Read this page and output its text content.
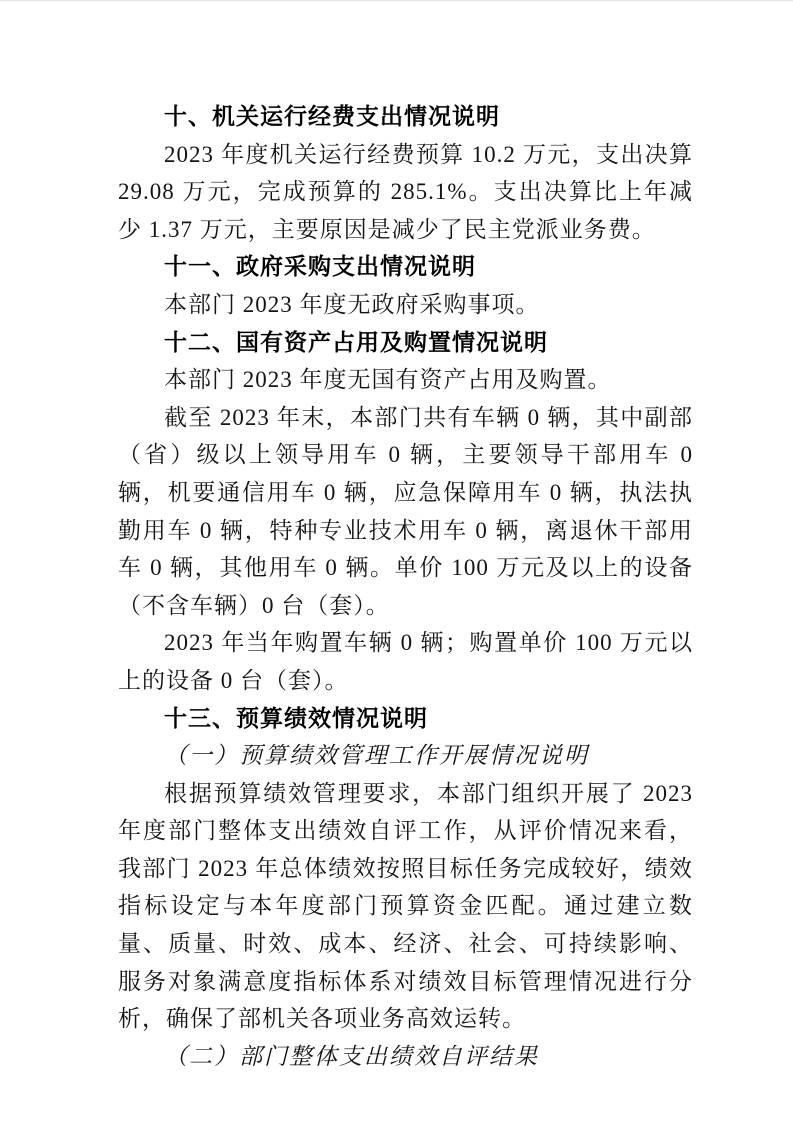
十、机关运行经费支出情况说明
2023 年度机关运行经费预算 10.2 万元，支出决算 29.08 万元，完成预算的 285.1%。支出决算比上年减少 1.37 万元，主要原因是减少了民主党派业务费。
十一、政府采购支出情况说明
本部门 2023 年度无政府采购事项。
十二、国有资产占用及购置情况说明
本部门 2023 年度无国有资产占用及购置。
截至 2023 年末，本部门共有车辆 0 辆，其中副部（省）级以上领导用车 0 辆，主要领导干部用车 0 辆，机要通信用车 0 辆，应急保障用车 0 辆，执法执勤用车 0 辆，特种专业技术用车 0 辆，离退休干部用车 0 辆，其他用车 0 辆。单价 100 万元及以上的设备（不含车辆）0 台（套）。
2023 年当年购置车辆 0 辆；购置单价 100 万元以上的设备 0 台（套）。
十三、预算绩效情况说明
（一）预算绩效管理工作开展情况说明
根据预算绩效管理要求，本部门组织开展了 2023 年度部门整体支出绩效自评工作，从评价情况来看，我部门 2023 年总体绩效按照目标任务完成较好，绩效指标设定与本年度部门预算资金匹配。通过建立数量、质量、时效、成本、经济、社会、可持续影响、服务对象满意度指标体系对绩效目标管理情况进行分析，确保了部机关各项业务高效运转。
（二）部门整体支出绩效自评结果
